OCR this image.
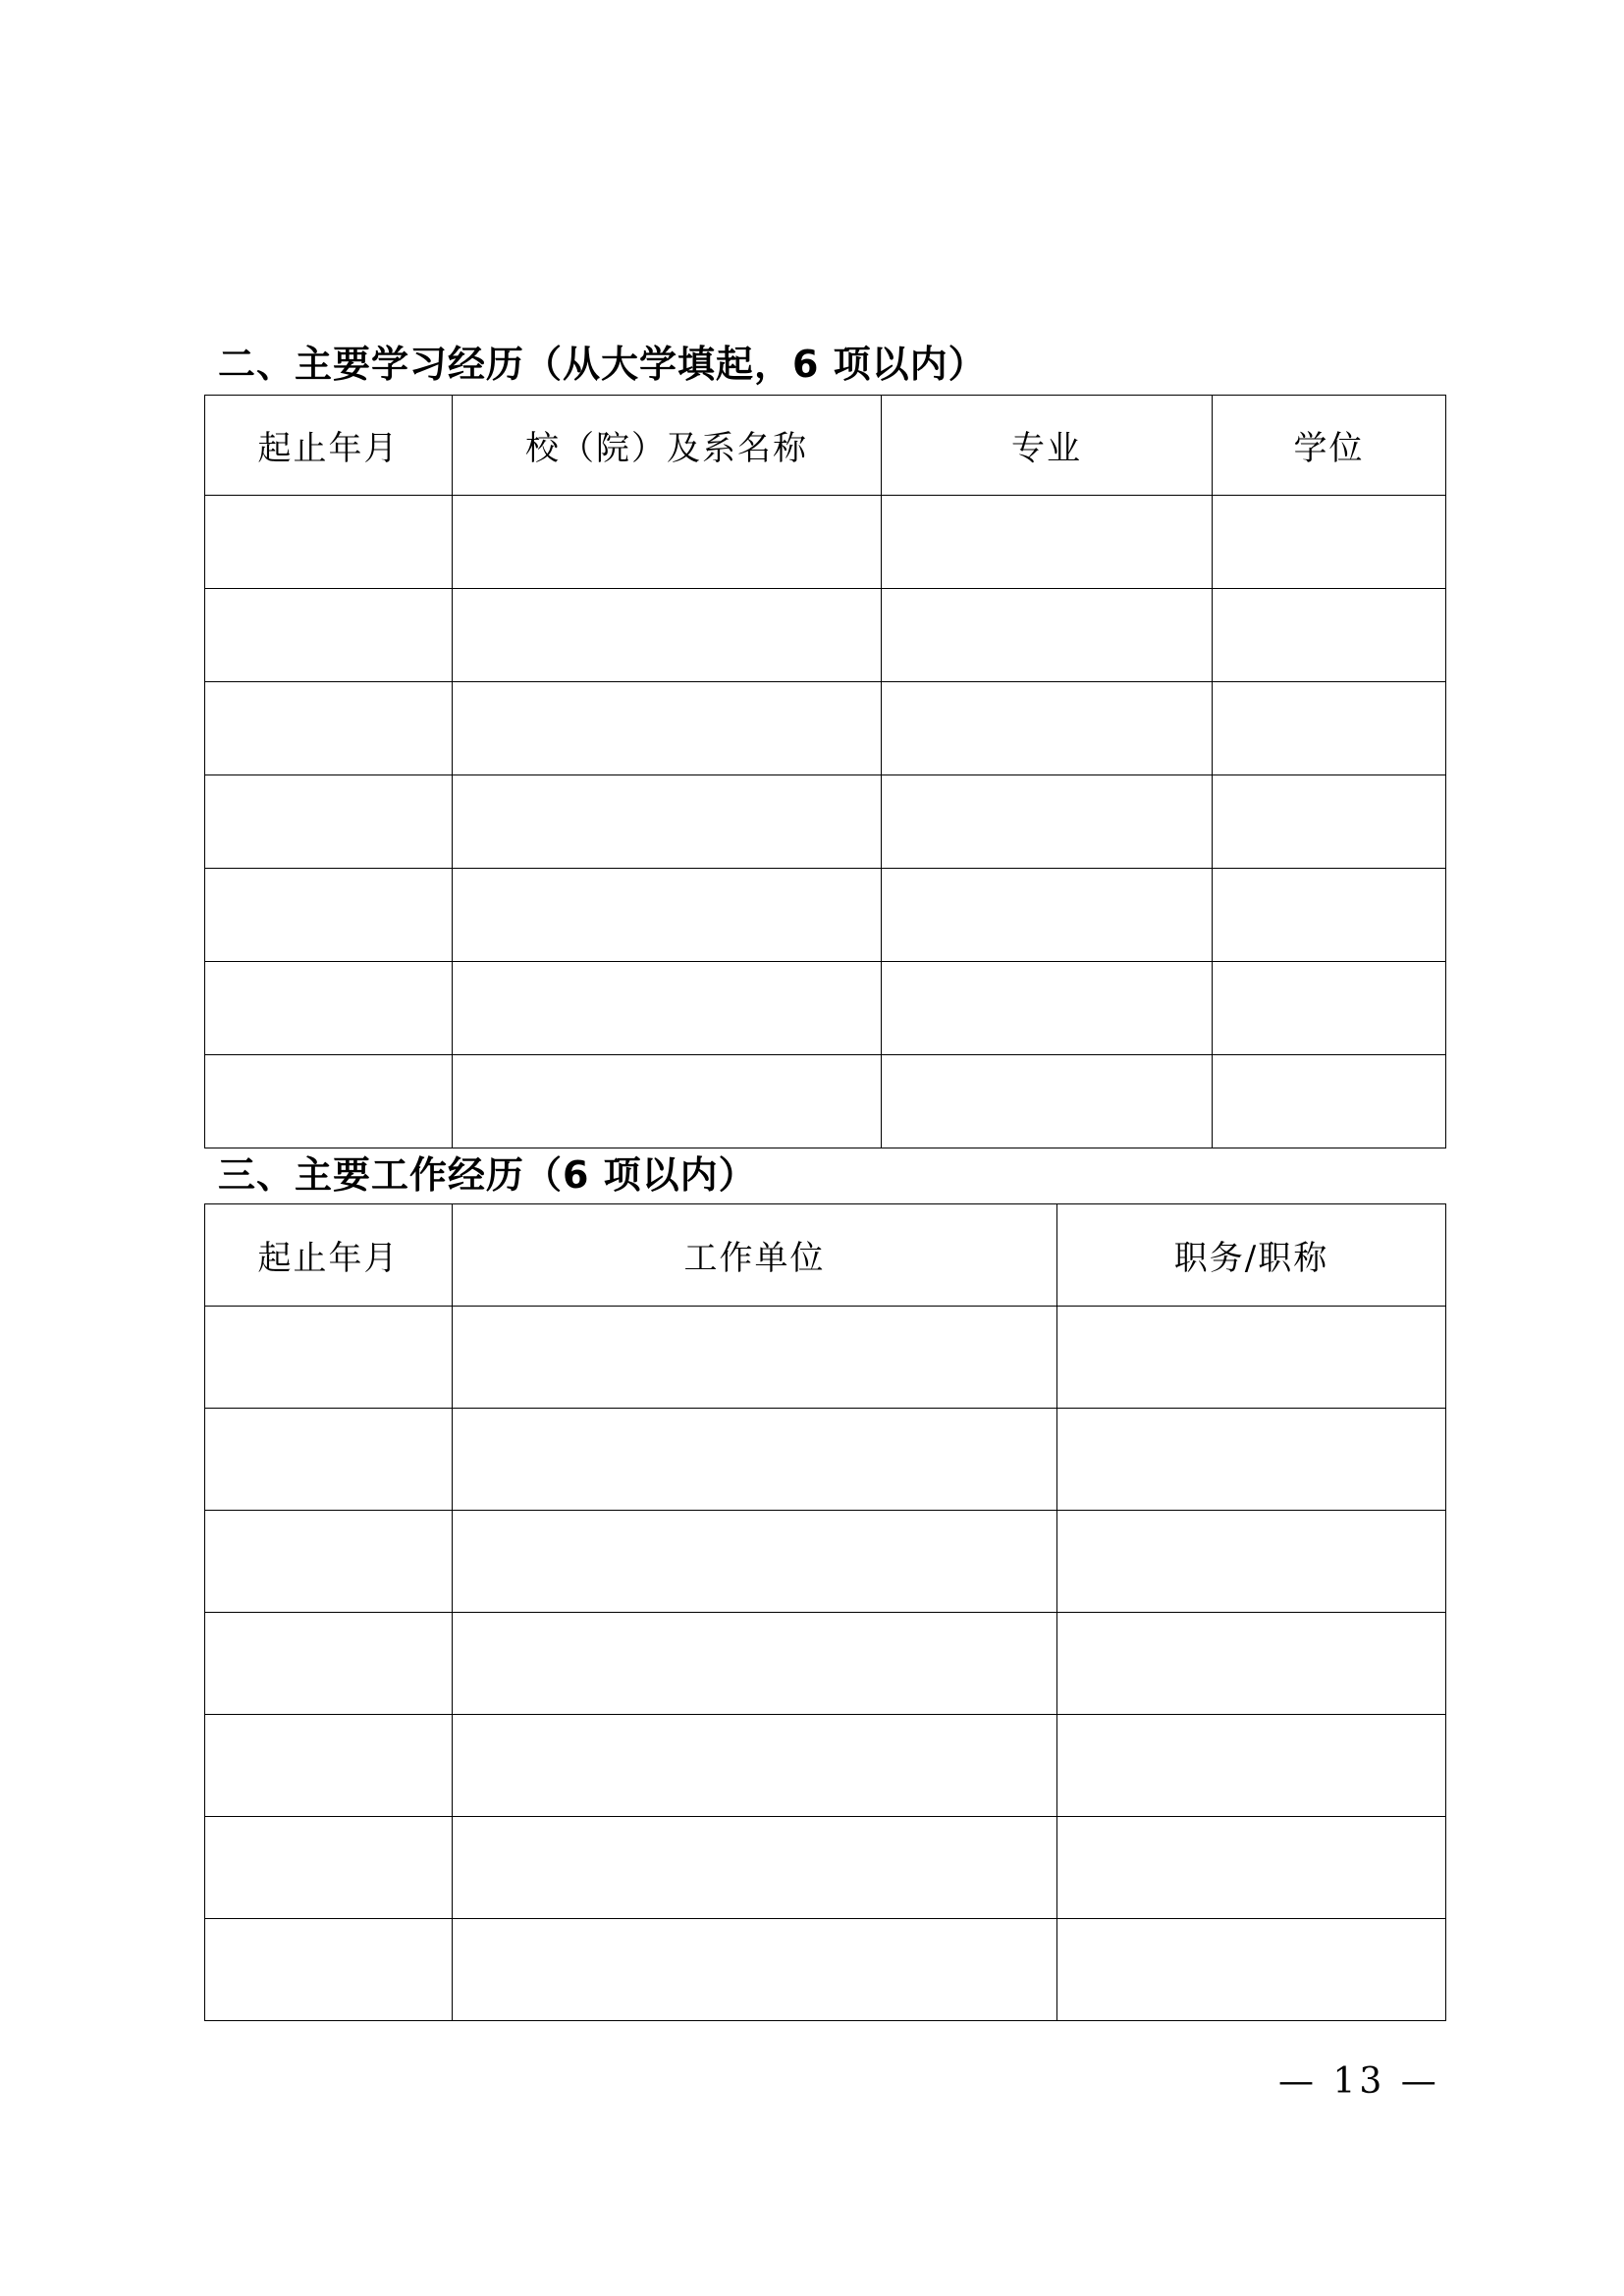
二、主要学习经历（从大学填起，6 项以内）
起止年月	校（院）及系名称	专业	学位

三、主要工作经历（6 项以内）
起止年月	工作单位	职务/职称

— 13 —
